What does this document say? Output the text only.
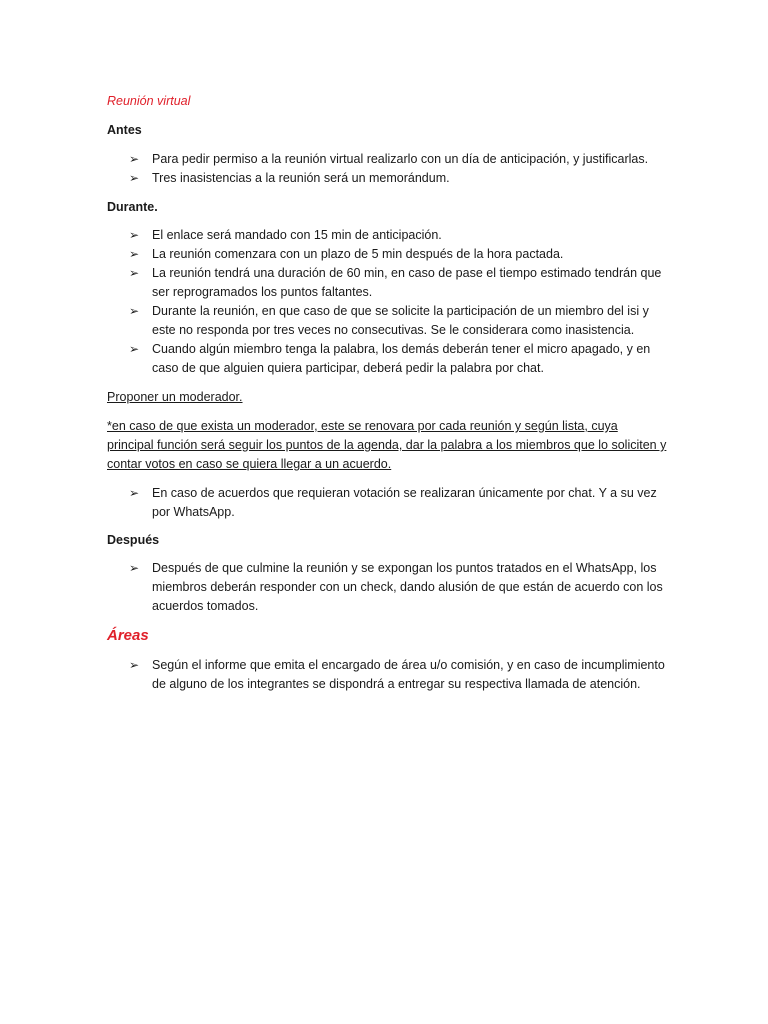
Reunión virtual
Antes
➢ Para pedir permiso a la reunión virtual realizarlo con un día de anticipación, y justificarlas.
➢ Tres inasistencias a la reunión será un memorándum.
Durante.
➢ El enlace será mandado con 15 min de anticipación.
➢ La reunión comenzara con un plazo de 5 min después de la hora pactada.
➢ La reunión tendrá una duración de 60 min, en caso de pase el tiempo estimado tendrán que ser reprogramados los puntos faltantes.
➢ Durante la reunión, en que caso de que se solicite la participación de un miembro del isi y este no responda por tres veces no consecutivas. Se le considerara como inasistencia.
➢ Cuando algún miembro tenga la palabra, los demás deberán tener el micro apagado, y en caso de que alguien quiera participar, deberá pedir la palabra por chat.
Proponer un moderador.
*en caso de que exista un moderador, este se renovara por cada reunión y según lista, cuya principal función será seguir los puntos de la agenda, dar la palabra a los miembros que lo soliciten y contar votos en caso se quiera llegar a un acuerdo.
➢ En caso de acuerdos que requieran votación se realizaran únicamente por chat. Y a su vez por WhatsApp.
Después
➢ Después de que culmine la reunión y se expongan los puntos tratados en el WhatsApp, los miembros deberán responder con un check, dando alusión de que están de acuerdo con los acuerdos tomados.
Áreas
➢ Según el informe que emita el encargado de área u/o comisión, y en caso de incumplimiento de alguno de los integrantes se dispondrá a entregar su respectiva llamada de atención.
